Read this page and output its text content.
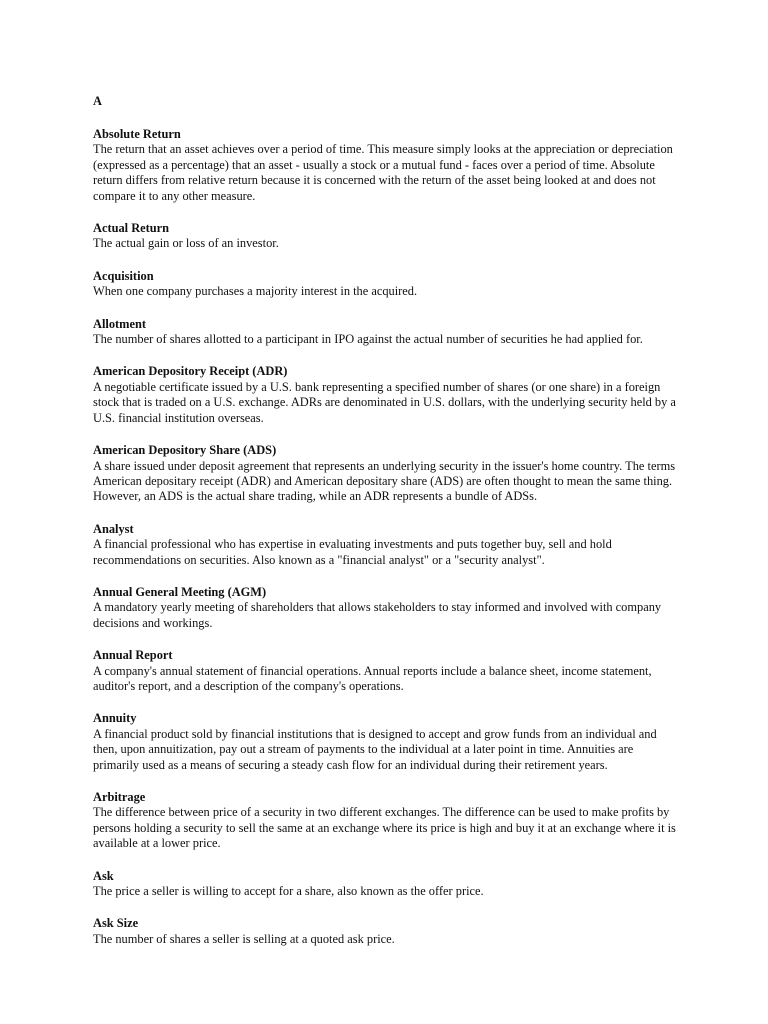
A
Absolute Return
The return that an asset achieves over a period of time. This measure simply looks at the appreciation or depreciation (expressed as a percentage) that an asset - usually a stock or a mutual fund - faces over a period of time. Absolute return differs from relative return because it is concerned with the return of the asset being looked at and does not compare it to any other measure.
Actual Return
The actual gain or loss of an investor.
Acquisition
When one company purchases a majority interest in the acquired.
Allotment
The number of shares allotted to a participant in IPO against the actual number of securities he had applied for.
American Depository Receipt (ADR)
A negotiable certificate issued by a U.S. bank representing a specified number of shares (or one share) in a foreign stock that is traded on a U.S. exchange. ADRs are denominated in U.S. dollars, with the underlying security held by a U.S. financial institution overseas.
American Depository Share (ADS)
A share issued under deposit agreement that represents an underlying security in the issuer's home country. The terms American depositary receipt (ADR) and American depositary share (ADS) are often thought to mean the same thing. However, an ADS is the actual share trading, while an ADR represents a bundle of ADSs.
Analyst
A financial professional who has expertise in evaluating investments and puts together buy, sell and hold recommendations on securities. Also known as a "financial analyst" or a "security analyst".
Annual General Meeting (AGM)
A mandatory yearly meeting of shareholders that allows stakeholders to stay informed and involved with company decisions and workings.
Annual Report
A company's annual statement of financial operations. Annual reports include a balance sheet, income statement, auditor's report, and a description of the company's operations.
Annuity
A financial product sold by financial institutions that is designed to accept and grow funds from an individual and then, upon annuitization, pay out a stream of payments to the individual at a later point in time. Annuities are primarily used as a means of securing a steady cash flow for an individual during their retirement years.
Arbitrage
The difference between price of a security in two different exchanges. The difference can be used to make profits by persons holding a security to sell the same at an exchange where its price is high and buy it at an exchange where it is available at a lower price.
Ask
The price a seller is willing to accept for a share, also known as the offer price.
Ask Size
The number of shares a seller is selling at a quoted ask price.
